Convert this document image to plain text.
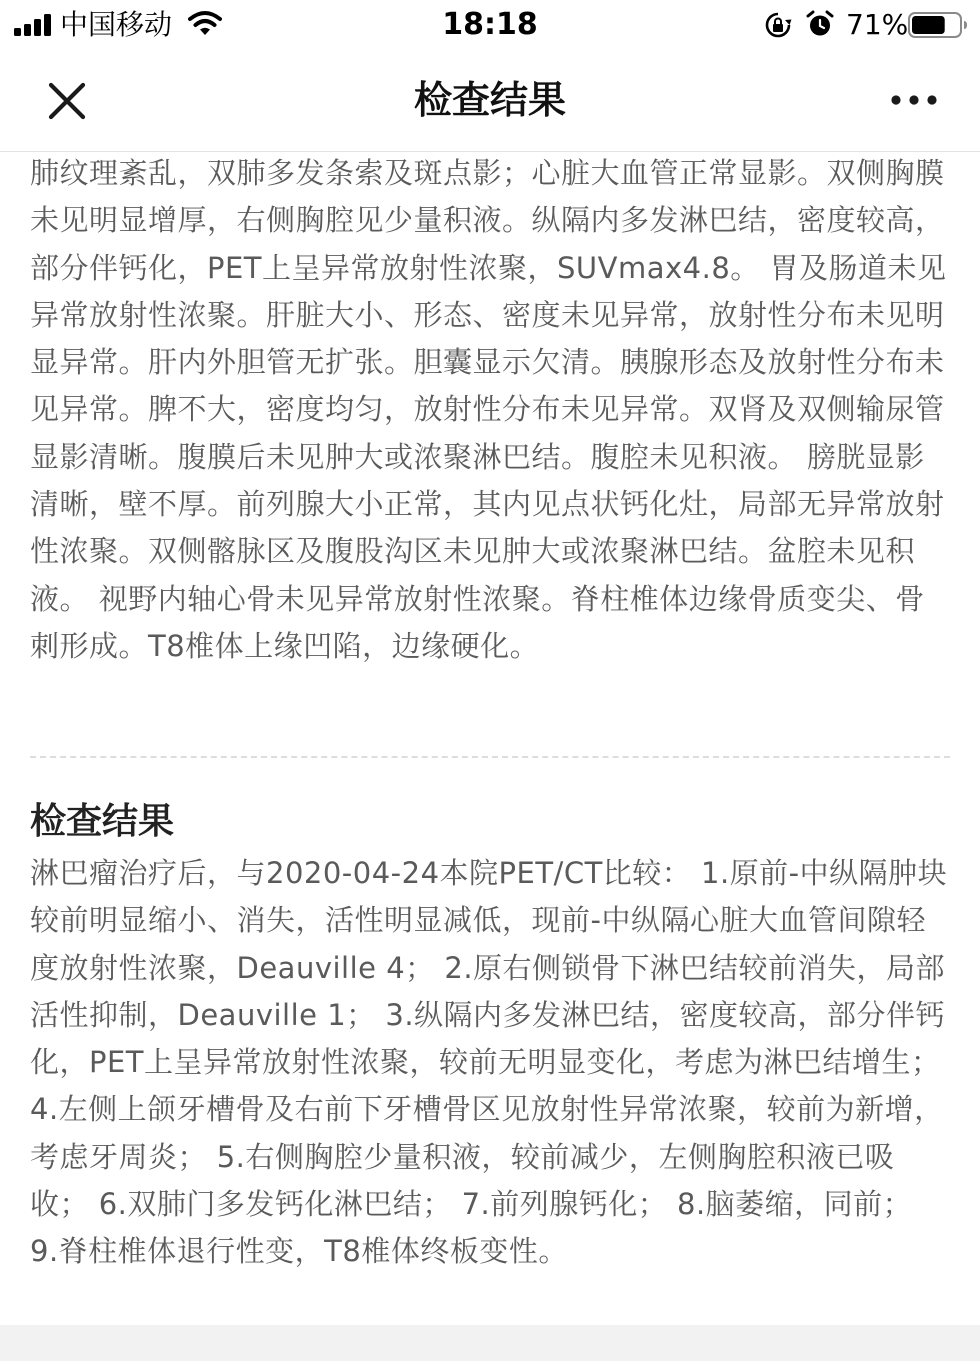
中国移动	18:18	71%
检查结果

肺纹理紊乱，双肺多发条索及斑点影；心脏大血管正常显影。双侧胸膜未见明显增厚，右侧胸腔见少量积液。纵隔内多发淋巴结，密度较高，部分伴钙化，PET上呈异常放射性浓聚，SUVmax4.8。 胃及肠道未见异常放射性浓聚。肝脏大小、形态、密度未见异常，放射性分布未见明显异常。肝内外胆管无扩张。胆囊显示欠清。胰腺形态及放射性分布未见异常。脾不大，密度均匀，放射性分布未见异常。双肾及双侧输尿管显影清晰。腹膜后未见肿大或浓聚淋巴结。腹腔未见积液。 膀胱显影清晰，壁不厚。前列腺大小正常，其内见点状钙化灶，局部无异常放射性浓聚。双侧髂脉区及腹股沟区未见肿大或浓聚淋巴结。盆腔未见积液。 视野内轴心骨未见异常放射性浓聚。脊柱椎体边缘骨质变尖、骨刺形成。T8椎体上缘凹陷，边缘硬化。

检查结果

淋巴瘤治疗后，与2020-04-24本院PET/CT比较： 1.原前-中纵隔肿块较前明显缩小、消失，活性明显减低，现前-中纵隔心脏大血管间隙轻度放射性浓聚，Deauville 4； 2.原右侧锁骨下淋巴结较前消失，局部活性抑制，Deauville 1； 3.纵隔内多发淋巴结，密度较高，部分伴钙化，PET上呈异常放射性浓聚，较前无明显变化，考虑为淋巴结增生； 4.左侧上颌牙槽骨及右前下牙槽骨区见放射性异常浓聚，较前为新增，考虑牙周炎； 5.右侧胸腔少量积液，较前减少，左侧胸腔积液已吸收； 6.双肺门多发钙化淋巴结； 7.前列腺钙化； 8.脑萎缩，同前； 9.脊柱椎体退行性变，T8椎体终板变性。
